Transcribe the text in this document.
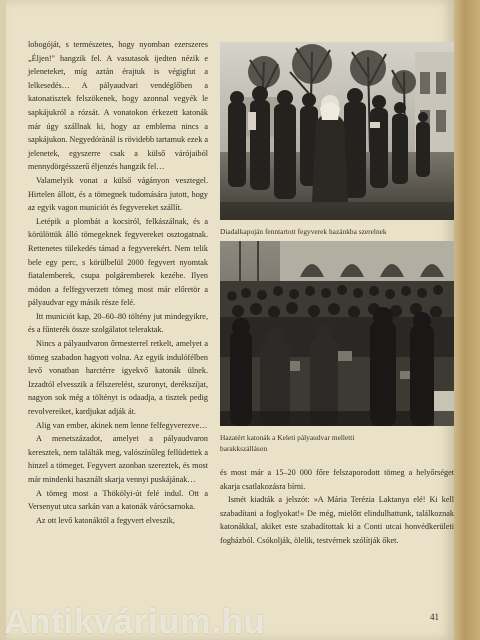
lobogóját, s természetes, hogy nyomban ezerszeres „Éljen!" hangzik fel. A vasutasok ijedten nézik e jeleneteket, míg aztán érajtuk is végigfut a lelkesedés… A pályaudvari vendéglőben a katonatisztek felszökenek, hogy azonnal vegyék le sapkájukról a rózsát. A vonatokon érkezett katonák már úgy szállnak ki, hogy az emblema nincs a sapkájukon. Negyedóránál is rövidebb tartamuk ezek a jelenetek, egyszerre csak a külső várójaiból mennydörgésszerű éljenzés hangzik fel…

Valamelyik vonat a külső vágányon vesztegel. Hirtelen állott, és a tömegnek tudomására jutott, hogy az egyik vagon municiót és fegyvereket szállít.

Letépik a plombát a kocsiról, felkászálnak, és a körülöttük álló tömegeknek fegyvereket osztogatnak. Rettenetes tülekedés támad a fegyverekért. Nem telik bele egy perc, s körülbelül 2000 fegyvert nyomtak fiatalemberek, csupa polgáremberek kezébe. Ilyen módon a felfegyverzett tömeg most már előretör a pályaudvar egy másik része felé.

Itt municiót kap, 20–60–80 töltény jut mindegyikre, és a fűnterék össze szolgálatot teleraktak.

Nincs a pályaudvaron őrmesterrel retkelt, amelyet a tömeg szabadon hagyott volna. Az egyik indulófélben levő vonatban harctérre igyekvő katonák ülnek. Izzadtól elvesszik a félszerelést, szuronyt, derékszíjat, nagyon sok még a töltényt is odaadja, a tisztek pedig revolvereiket, kardjukat adják át.

Alig van ember, akinek nem lenne felfegyverezve…

A menetszázadot, amelyet a pályaudvaron keresztek, nem találták meg, valószínűleg fellüdettek a hinzel a tömeget. Fegyvert azonban szereztek, és most már mindenki használt skarja vennyi puskájának…

A tömeg most a Thökölyi-út felé indul. Ott a Versenyut utca sarkán van a katonák várócsarnoka.

Az ott levő katonáktól a fegyvert elveszik,

Diadalkapuján fenntartott fegyverek hazánkba szerelnek

Hazatért katonák a Keleti pályaudvar melletti barakkszálláson

és most már a 15–20 000 főre felszaporodott tömeg a helyőrséget akarja csatlakozásra bírni.

Ismét kiadták a jelszót: »A Mária Terézia Laktanya elé! Ki kell szabadítani a foglyokat!« De még, mielőtt elindulhattunk, találkoznak katonákkal, akiket este szabadítottak ki a Conti utcai honvédkerületi fogházból. Csókolják, ölelik, testvérnek szólítják őket.

41
Antikvárium.hu
